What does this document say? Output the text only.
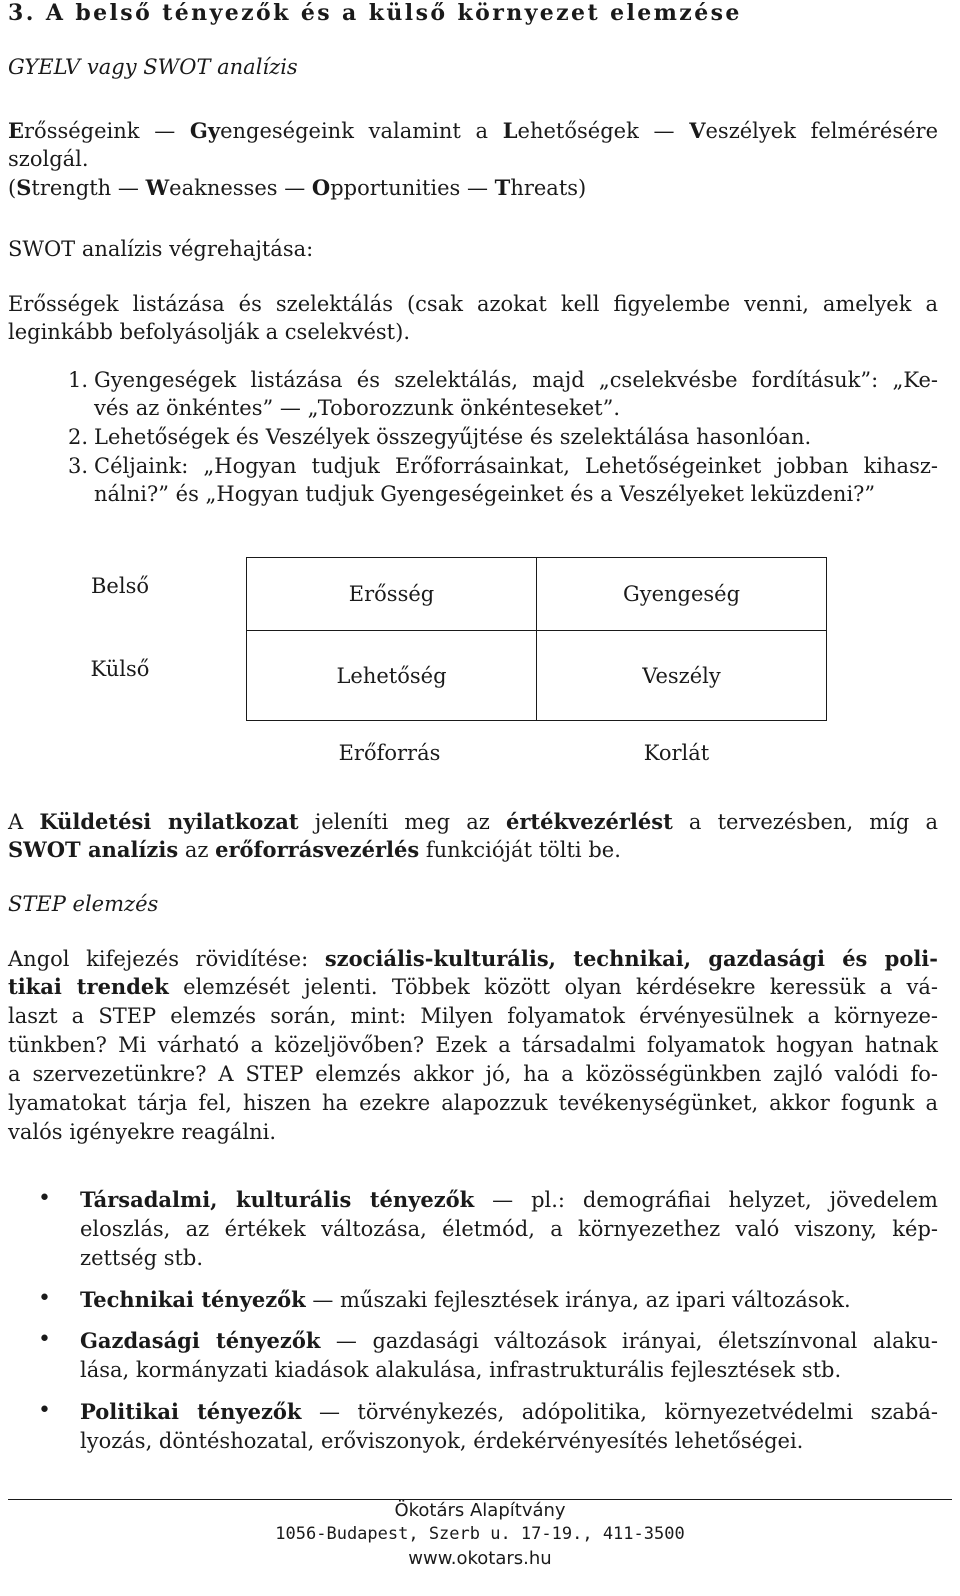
3. A belső tényezők és a külső környezet elemzése
GYELV vagy SWOT analízis
Erősségeink — Gyengeségeink valamint a Lehetőségek — Veszélyek felmérésére
szolgál.
(Strength — Weaknesses — Opportunities — Threats)
SWOT analízis végrehajtása:
Erősségek listázása és szelektálás (csak azokat kell figyelembe venni, amelyek a
leginkább befolyásolják a cselekvést).
1. Gyengeségek listázása és szelektálás, majd „cselekvésbe fordításuk”: „Ke-
vés az önkéntes” — „Toborozzunk önkénteseket”.
2. Lehetőségek és Veszélyek összegyűjtése és szelektálása hasonlóan.
3. Céljaink: „Hogyan tudjuk Erőforrásainkat, Lehetőségeinket jobban kihasz-
nálni?” és „Hogyan tudjuk Gyengeségeinket és a Veszélyeket leküzdeni?”
Belső
Külső
Erősség	Gyengeség
Lehetőség	Veszély
Erőforrás	Korlát
A Küldetési nyilatkozat jeleníti meg az értékvezérlést a tervezésben, míg a
SWOT analízis az erőforrásvezérlés funkcióját tölti be.
STEP elemzés
Angol kifejezés rövidítése: szociális-kulturális, technikai, gazdasági és poli-
tikai trendek elemzését jelenti. Többek között olyan kérdésekre keressük a vá-
laszt a STEP elemzés során, mint: Milyen folyamatok érvényesülnek a környeze-
tünkben? Mi várható a közeljövőben? Ezek a társadalmi folyamatok hogyan hatnak
a szervezetünkre? A STEP elemzés akkor jó, ha a közösségünkben zajló valódi fo-
lyamatokat tárja fel, hiszen ha ezekre alapozzuk tevékenységünket, akkor fogunk a
valós igényekre reagálni.
• Társadalmi, kulturális tényezők — pl.: demográfiai helyzet, jövedelem
eloszlás, az értékek változása, életmód, a környezethez való viszony, kép-
zettség stb.
• Technikai tényezők — műszaki fejlesztések iránya, az ipari változások.
• Gazdasági tényezők — gazdasági változások irányai, életszínvonal alaku-
lása, kormányzati kiadások alakulása, infrastrukturális fejlesztések stb.
• Politikai tényezők — törvénykezés, adópolitika, környezetvédelmi szabá-
lyozás, döntéshozatal, erőviszonyok, érdekérvényesítés lehetőségei.
Ökotárs Alapítvány
1056-Budapest, Szerb u. 17-19., 411-3500
www.okotars.hu
